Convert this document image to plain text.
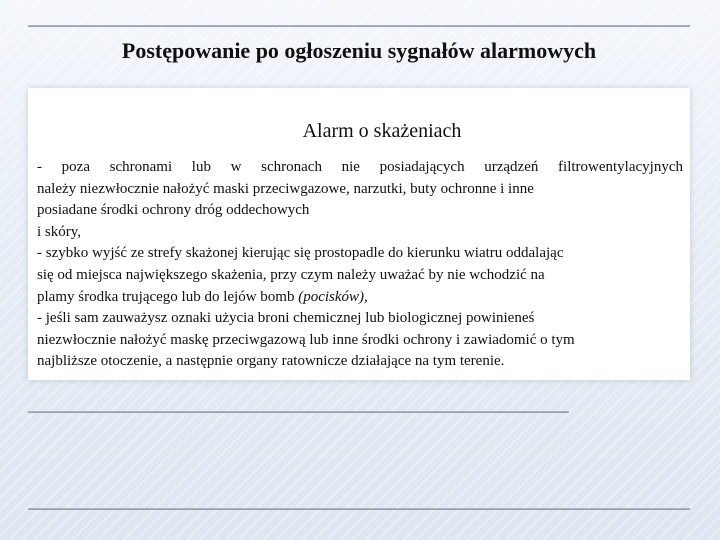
Postępowanie po ogłoszeniu sygnałów alarmowych
Alarm o skażeniach
- poza schronami lub w schronach nie posiadających urządzeń filtrowentylacyjnych
należy niezwłocznie nałożyć maski przeciwgazowe, narzutki, buty ochronne i inne
posiadane środki ochrony dróg oddechowych
i skóry,
- szybko wyjść ze strefy skażonej kierując się prostopadle do kierunku wiatru oddalając
się od miejsca największego skażenia, przy czym należy uważać by nie wchodzić na
plamy środka trującego lub do lejów bomb (pocisków),
- jeśli sam zauważysz oznaki użycia broni chemicznej lub biologicznej powinieneś
niezwłocznie nałożyć maskę przeciwgazową lub inne środki ochrony i zawiadomić o tym
najbliższe otoczenie, a następnie organy ratownicze działające na tym terenie.
